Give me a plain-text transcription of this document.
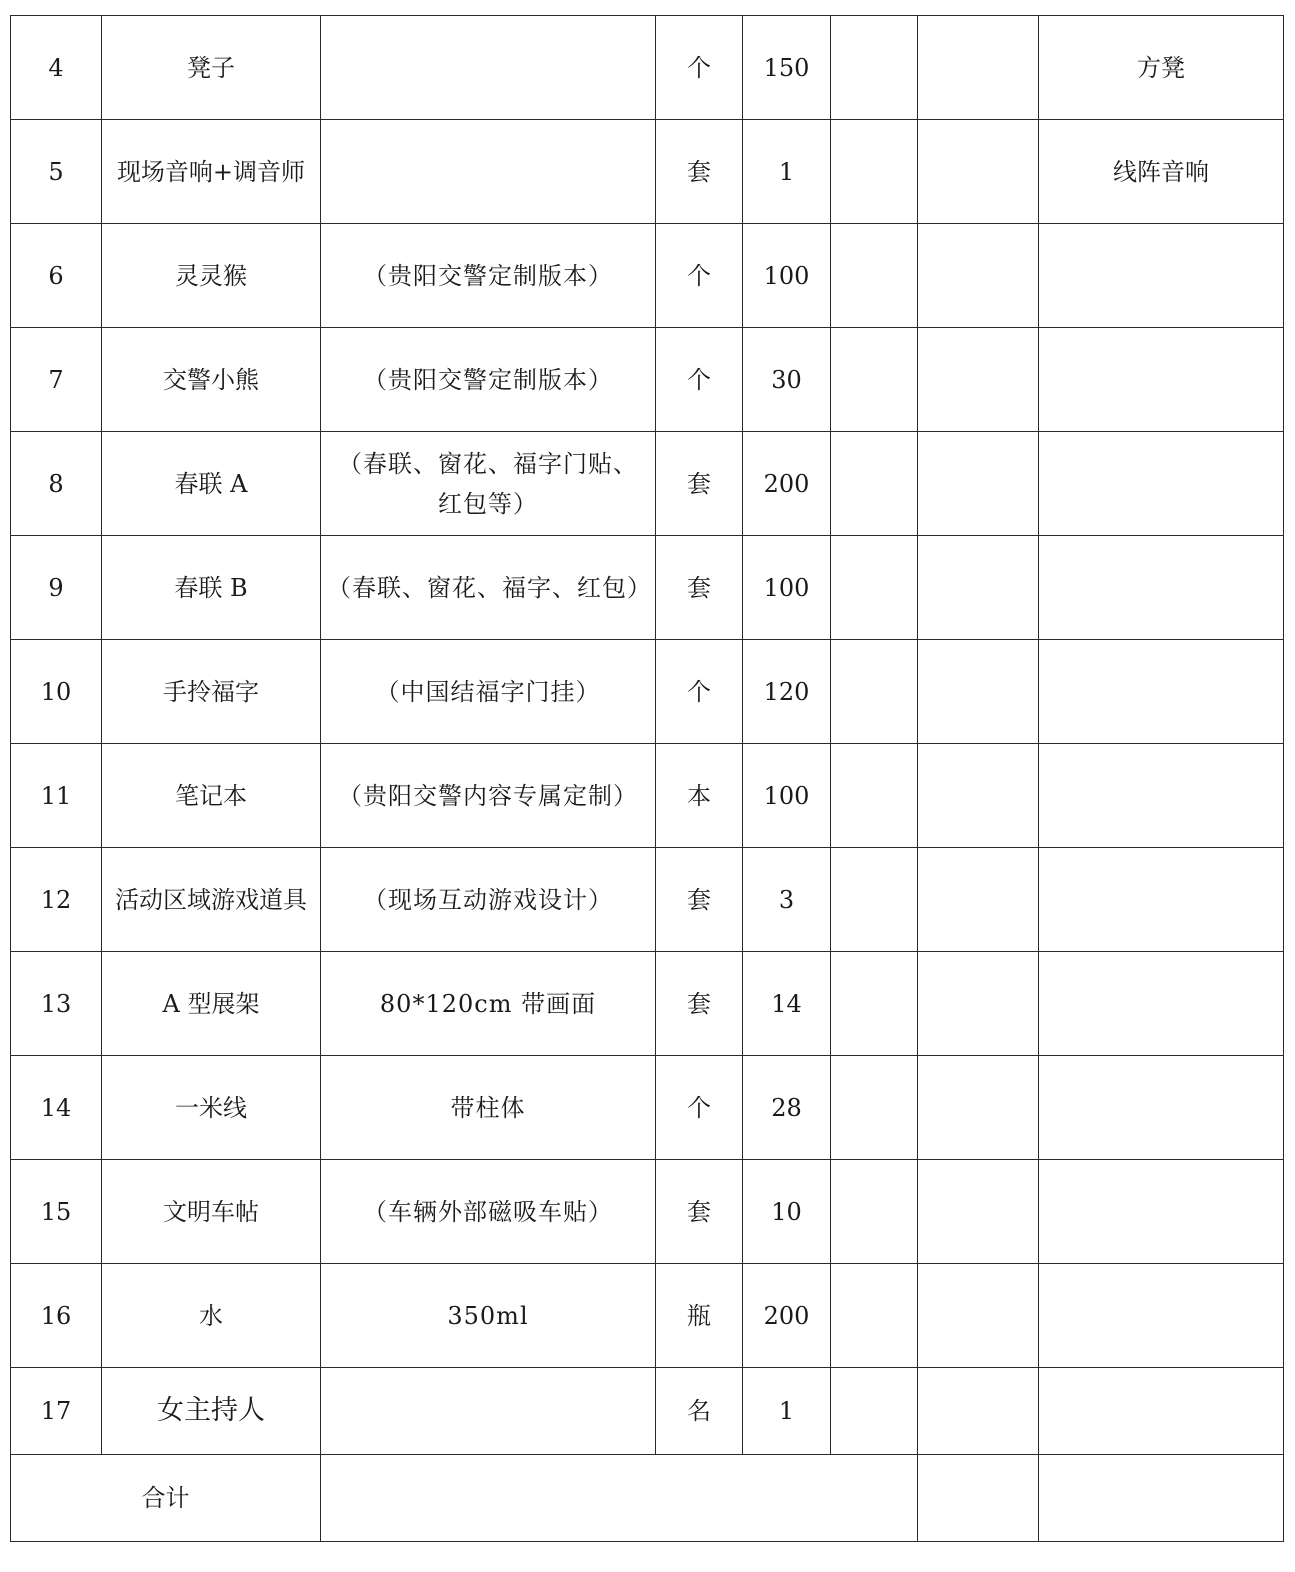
4	凳子		个	150			方凳
5	现场音响+调音师		套	1			线阵音响
6	灵灵猴	（贵阳交警定制版本）	个	100			
7	交警小熊	（贵阳交警定制版本）	个	30			
8	春联 A	（春联、窗花、福字门贴、红包等）	套	200			
9	春联 B	（春联、窗花、福字、红包）	套	100			
10	手拎福字	（中国结福字门挂）	个	120			
11	笔记本	（贵阳交警内容专属定制）	本	100			
12	活动区域游戏道具	（现场互动游戏设计）	套	3			
13	A 型展架	80*120cm 带画面	套	14			
14	一米线	带柱体	个	28			
15	文明车帖	（车辆外部磁吸车贴）	套	10			
16	水	350ml	瓶	200			
17	女主持人		名	1			
合计							
